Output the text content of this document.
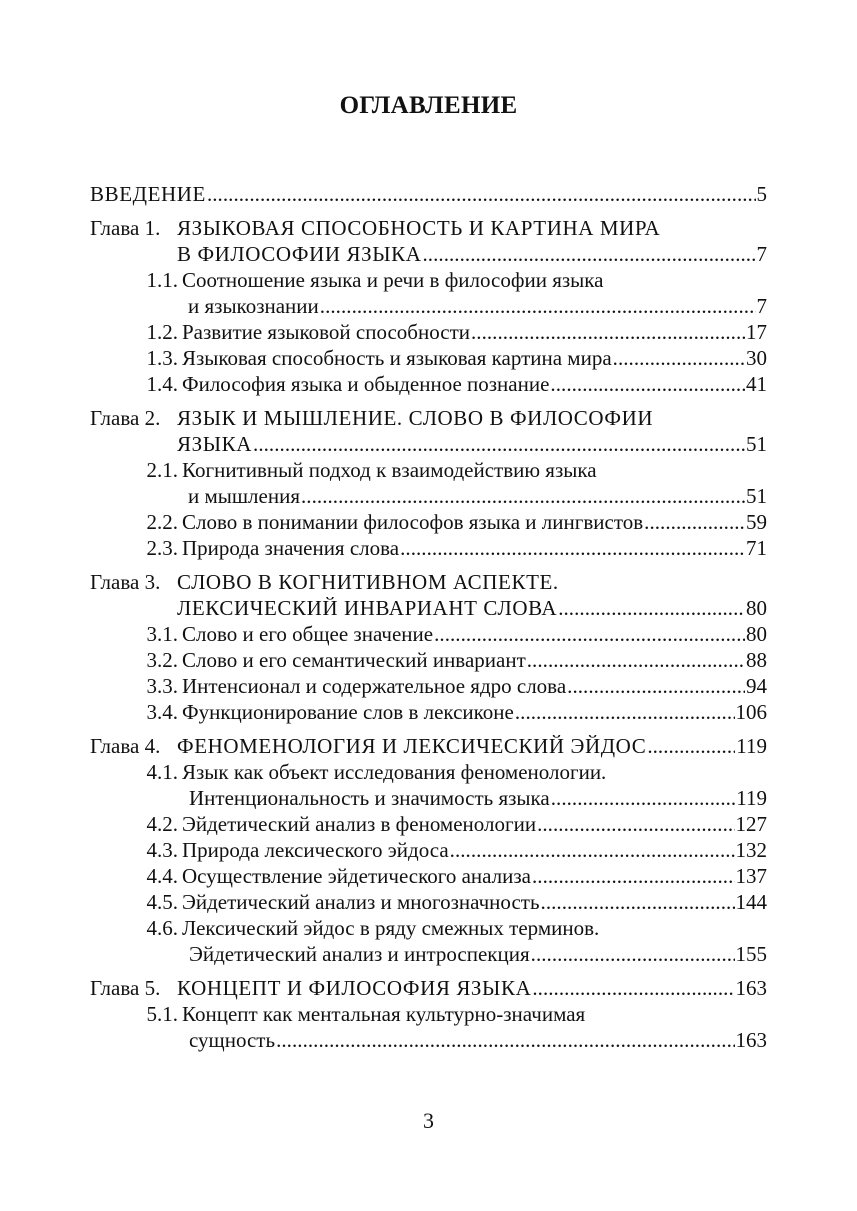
ОГЛАВЛЕНИЕ
ВВЕДЕНИЕ . . .	5
Глава 1. ЯЗЫКОВАЯ СПОСОБНОСТЬ И КАРТИНА МИРА
В ФИЛОСОФИИ ЯЗЫКА . . .	7
1.1. Соотношение языка и речи в философии языка
и языкознании . . .	7
1.2. Развитие языковой способности . . .	17
1.3. Языковая способность и языковая картина мира . . .	30
1.4. Философия языка и обыденное познание . . .	41
Глава 2. ЯЗЫК И МЫШЛЕНИЕ. СЛОВО В ФИЛОСОФИИ
ЯЗЫКА . . .	51
2.1. Когнитивный подход к взаимодействию языка
и мышления . . .	51
2.2. Слово в понимании философов языка и лингвистов . . .	59
2.3. Природа значения слова . . .	71
Глава 3. СЛОВО В КОГНИТИВНОМ АСПЕКТЕ.
ЛЕКСИЧЕСКИЙ ИНВАРИАНТ СЛОВА . . .	80
3.1. Слово и его общее значение . . .	80
3.2. Слово и его семантический инвариант . . .	88
3.3. Интенсионал и содержательное ядро слова . . .	94
3.4. Функционирование слов в лексиконе . . .	106
Глава 4. ФЕНОМЕНОЛОГИЯ И ЛЕКСИЧЕСКИЙ ЭЙДОС . . .	119
4.1. Язык как объект исследования феноменологии.
Интенциональность и значимость языка . . .	119
4.2. Эйдетический анализ в феноменологии . . .	127
4.3. Природа лексического эйдоса . . .	132
4.4. Осуществление эйдетического анализа . . .	137
4.5. Эйдетический анализ и многозначность . . .	144
4.6. Лексический эйдос в ряду смежных терминов.
Эйдетический анализ и интроспекция . . .	155
Глава 5. КОНЦЕПТ И ФИЛОСОФИЯ ЯЗЫКА . . .	163
5.1. Концепт как ментальная культурно-значимая
сущность . . .	163
3
